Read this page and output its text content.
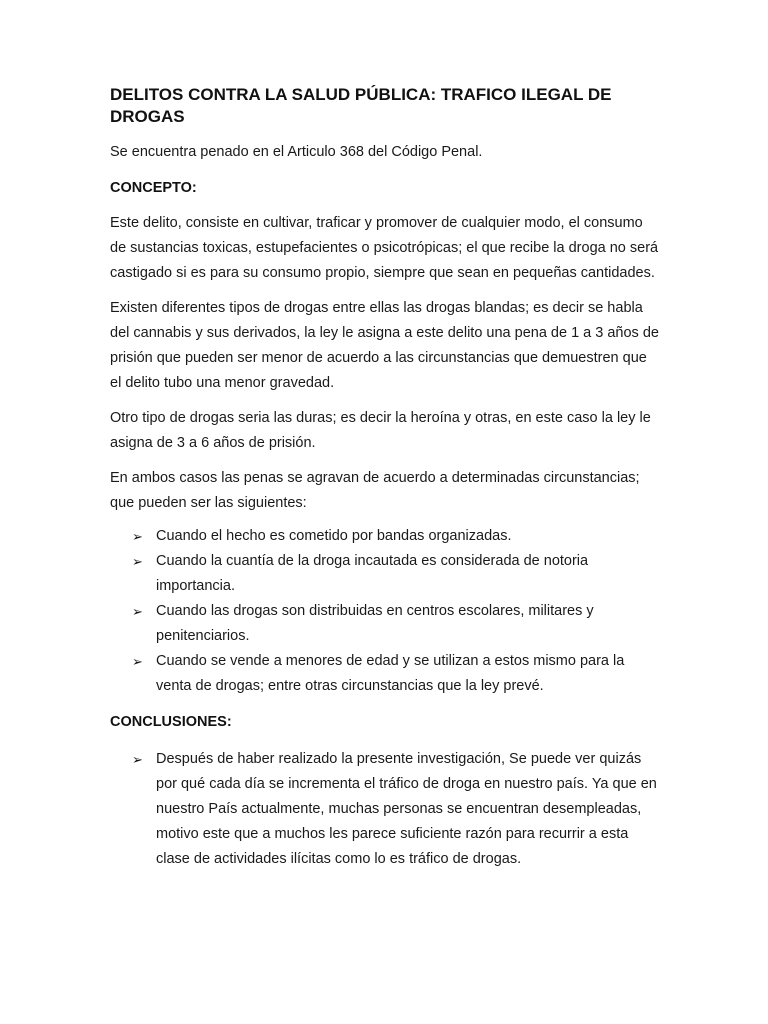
DELITOS CONTRA LA SALUD PÚBLICA: TRAFICO ILEGAL DE DROGAS

Se encuentra penado en el Articulo 368 del Código Penal.

CONCEPTO:

Este delito, consiste en cultivar, traficar y promover de cualquier modo, el consumo de sustancias toxicas, estupefacientes o psicotrópicas; el que recibe la droga no será castigado si es para su consumo propio, siempre que sean en pequeñas cantidades.

Existen diferentes tipos de drogas entre ellas las drogas blandas; es decir se habla del cannabis y sus derivados, la ley le asigna a este delito una pena de 1 a 3 años de prisión que pueden ser menor de acuerdo a las circunstancias que demuestren que el delito tubo una menor gravedad.

Otro tipo de drogas seria las duras; es decir la heroína y otras, en este caso la ley le asigna de 3 a 6 años de prisión.

En ambos casos las penas se agravan de acuerdo a determinadas circunstancias; que pueden ser las siguientes:

➢ Cuando el hecho es cometido por bandas organizadas.
➢ Cuando la cuantía de la droga incautada es considerada de notoria importancia.
➢ Cuando las drogas son distribuidas en centros escolares, militares y penitenciarios.
➢ Cuando se vende a menores de edad y se utilizan a estos mismo para la venta de drogas; entre otras circunstancias que la ley prevé.
CONCLUSIONES:
➢ Después de haber realizado la presente investigación, Se puede ver quizás por qué cada día se incrementa el tráfico de droga en nuestro país. Ya que en nuestro País actualmente, muchas personas se encuentran desempleadas, motivo este que a muchos les parece suficiente razón para recurrir a esta clase de actividades ilícitas como lo es tráfico de drogas.
